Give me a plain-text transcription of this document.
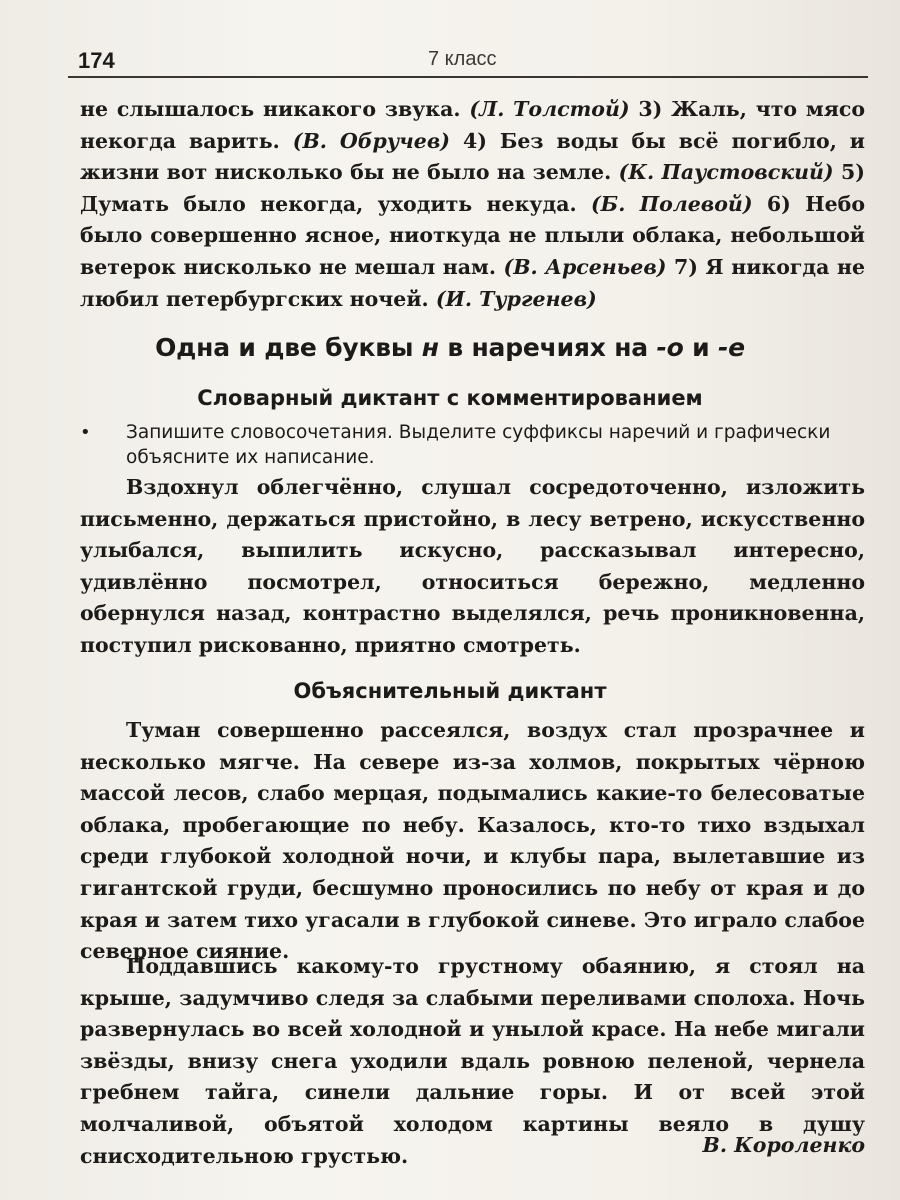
174	7 класс

не слышалось никакого звука. (Л. Толстой) 3) Жаль, что мясо некогда варить. (В. Обручев) 4) Без воды бы всё погибло, и жизни вот нисколько бы не было на земле. (К. Паустовский) 5) Думать было некогда, уходить некуда. (Б. Полевой) 6) Небо было совершенно ясное, ниоткуда не плыли облака, небольшой ветерок нисколько не мешал нам. (В. Арсеньев) 7) Я никогда не любил петербургских ночей. (И. Тургенев)

Одна и две буквы н в наречиях на -о и -е
Словарный диктант с комментированием

• Запишите словосочетания. Выделите суффиксы наречий и графически объясните их написание.

Вздохнул облегчённо, слушал сосредоточенно, изложить письменно, держаться пристойно, в лесу ветрено, искусственно улыбался, выпилить искусно, рассказывал интересно, удивлённо посмотрел, относиться бережно, медленно обернулся назад, контрастно выделялся, речь проникновенна, поступил рискованно, приятно смотреть.

Объяснительный диктант

Туман совершенно рассеялся, воздух стал прозрачнее и несколько мягче. На севере из-за холмов, покрытых чёрною массой лесов, слабо мерцая, подымались какие-то белесоватые облака, пробегающие по небу. Казалось, кто-то тихо вздыхал среди глубокой холодной ночи, и клубы пара, вылетавшие из гигантской груди, бесшумно проносились по небу от края и до края и затем тихо угасали в глубокой синеве. Это играло слабое северное сияние.

Поддавшись какому-то грустному обаянию, я стоял на крыше, задумчиво следя за слабыми переливами сполоха. Ночь развернулась во всей холодной и унылой красе. На небе мигали звёзды, внизу снега уходили вдаль ровною пеленой, чернела гребнем тайга, синели дальние горы. И от всей этой молчаливой, объятой холодом картины веяло в душу снисходительною грустью.	В. Короленко
